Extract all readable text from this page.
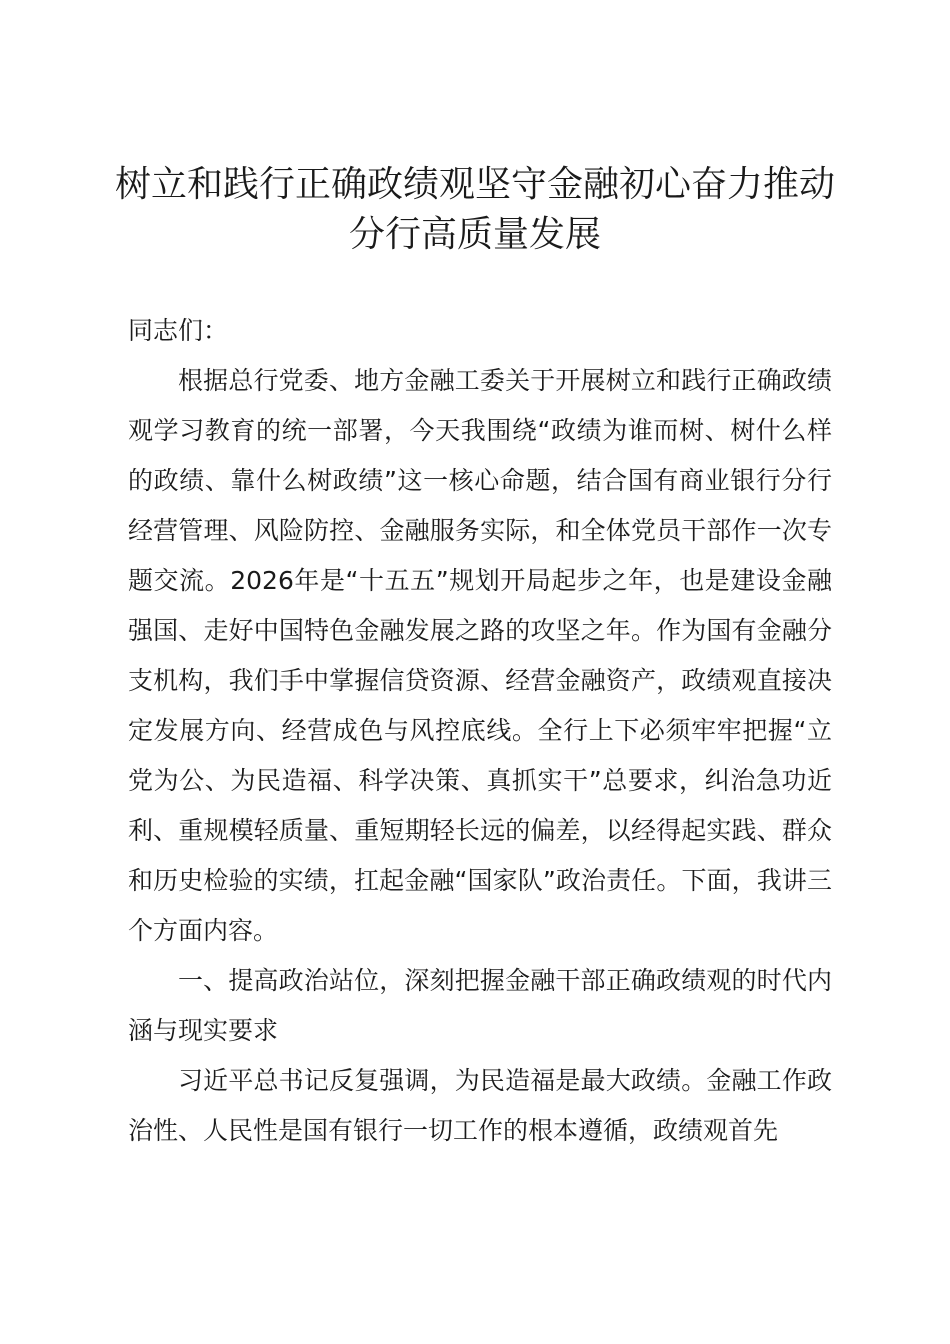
树立和践行正确政绩观坚守金融初心奋力推动
分行高质量发展

同志们：

根据总行党委、地方金融工委关于开展树立和践行正确政绩观学习教育的统一部署，今天我围绕“政绩为谁而树、树什么样的政绩、靠什么树政绩”这一核心命题，结合国有商业银行分行经营管理、风险防控、金融服务实际，和全体党员干部作一次专题交流。2026年是“十五五”规划开局起步之年，也是建设金融强国、走好中国特色金融发展之路的攻坚之年。作为国有金融分支机构，我们手中掌握信贷资源、经营金融资产，政绩观直接决定发展方向、经营成色与风控底线。全行上下必须牢牢把握“立党为公、为民造福、科学决策、真抓实干”总要求，纠治急功近利、重规模轻质量、重短期轻长远的偏差，以经得起实践、群众和历史检验的实绩，扛起金融“国家队”政治责任。下面，我讲三个方面内容。

一、提高政治站位，深刻把握金融干部正确政绩观的时代内涵与现实要求

习近平总书记反复强调，为民造福是最大政绩。金融工作政治性、人民性是国有银行一切工作的根本遵循，政绩观首先
